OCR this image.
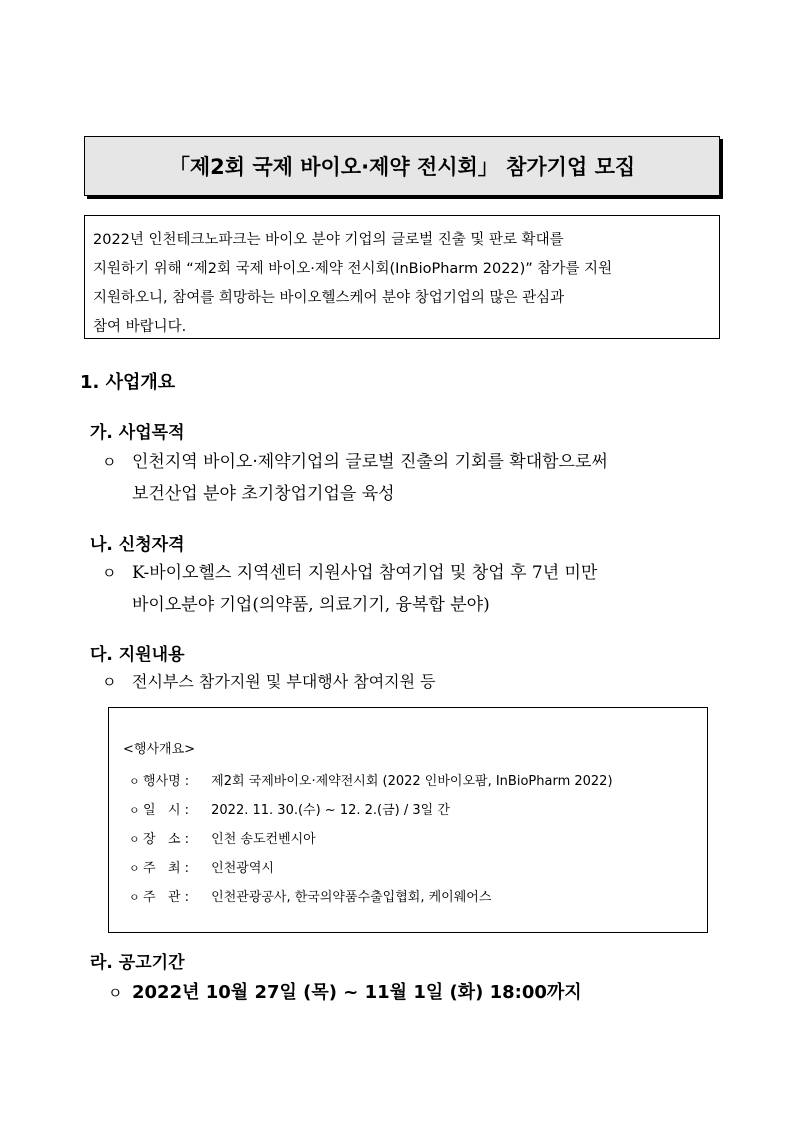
「제2회 국제 바이오·제약 전시회」 참가기업 모집
2022년 인천테크노파크는 바이오 분야 기업의 글로벌 진출 및 판로 확대를
지원하기 위해 “제2회 국제 바이오·제약 전시회(InBioPharm 2022)” 참가를 지원
지원하오니, 참여를 희망하는 바이오헬스케어 분야 창업기업의 많은 관심과
참여 바랍니다.
1. 사업개요
가. 사업목적
ㅇ 인천지역 바이오·제약기업의 글로벌 진출의 기회를 확대함으로써
보건산업 분야 초기창업기업을 육성
나. 신청자격
ㅇ K-바이오헬스 지역센터 지원사업 참여기업 및 창업 후 7년 미만
바이오분야 기업(의약품, 의료기기, 융복합 분야)
다. 지원내용
ㅇ 전시부스 참가지원 및 부대행사 참여지원 등
<행사개요>
ㅇ 행사명 : 제2회 국제바이오·제약전시회 (2022 인바이오팜, InBioPharm 2022)
ㅇ 일   시 : 2022. 11. 30.(수) ~ 12. 2.(금) / 3일 간
ㅇ 장   소 : 인천 송도컨벤시아
ㅇ 주   최 : 인천광역시
ㅇ 주   관 : 인천관광공사, 한국의약품수출입협회, 케이웨어스
라. 공고기간
ㅇ 2022년 10월 27일 (목) ~ 11월 1일 (화) 18:00까지
